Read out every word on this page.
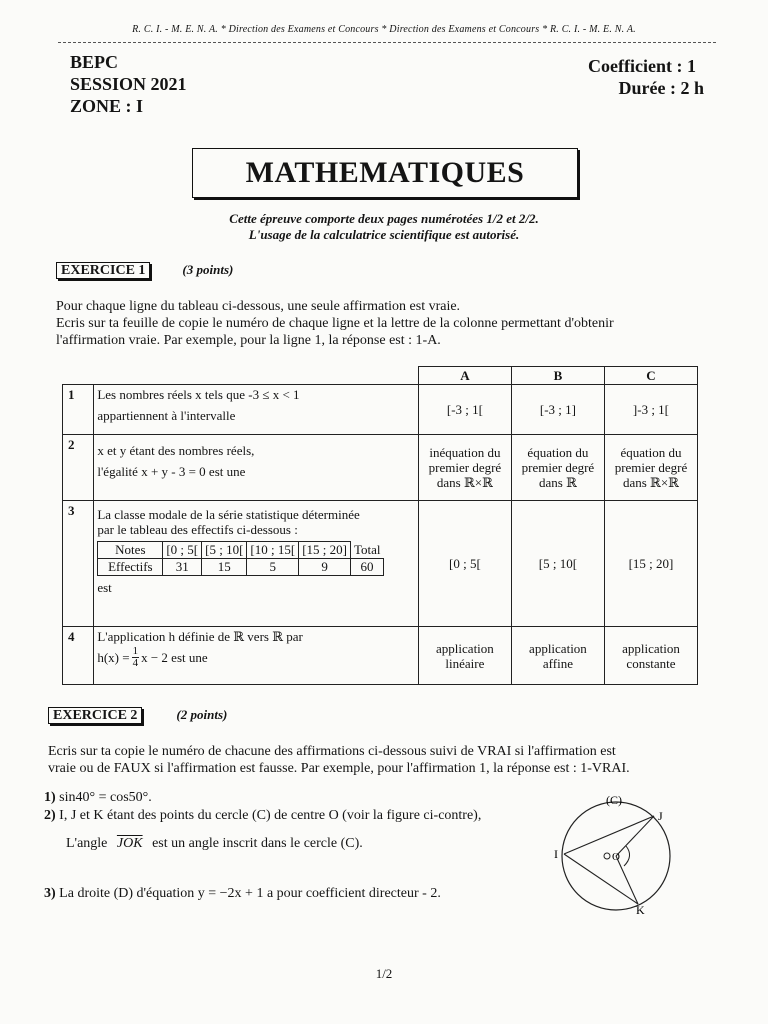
R. C. I. - M. E. N. A. * Direction des Examens et Concours * Direction des Examens et Concours * R. C. I. - M. E. N. A.
BEPC
SESSION 2021
ZONE : I
Coefficient : 1
Durée : 2 h
MATHEMATIQUES
Cette épreuve comporte deux pages numérotées 1/2 et 2/2.
L'usage de la calculatrice scientifique est autorisé.
EXERCICE 1	(3 points)
Pour chaque ligne du tableau ci-dessous, une seule affirmation est vraie.
Ecris sur ta feuille de copie le numéro de chaque ligne et la lettre de la colonne permettant d'obtenir
l'affirmation vraie. Par exemple, pour la ligne 1, la réponse est : 1-A.
		A	B	C
1	Les nombres réels x tels que -3 ≤ x < 1
appartiennent à l'intervalle	[-3 ; 1[	[-3 ; 1]	]-3 ; 1[
2	x et y étant des nombres réels,
l'égalité x + y - 3 = 0 est une
	inéquation du premier degré dans ℝ×ℝ	équation du premier degré dans ℝ	équation du premier degré dans ℝ×ℝ
3	La classe modale de la série statistique déterminée
par le tableau des effectifs ci-dessous :
Notes	[0 ; 5[	[5 ; 10[	[10 ; 15[	[15 ; 20]	Total
Effectifs	31	15	5	9	60
est
	[0 ; 5[	[5 ; 10[	[15 ; 20]
4	L'application h définie de ℝ vers ℝ par
$h(x) = \frac{1}{4}$ x − 2 est une
	application linéaire	application affine	application constante
EXERCICE 2	(2 points)
Ecris sur ta copie le numéro de chacune des affirmations ci-dessous suivi de VRAI si l'affirmation est
vraie ou de FAUX si l'affirmation est fausse. Par exemple, pour l'affirmation 1, la réponse est : 1-VRAI.
1) sin40° = cos50°.
2) I, J et K étant des points du cercle (C) de centre O (voir la figure ci-contre),
L'angle $\overline{JOK}$ est un angle inscrit dans le cercle (C).
3) La droite (D) d'équation y = −2x + 1 a pour coefficient directeur - 2.
(C)
J
I
K
O
1/2
